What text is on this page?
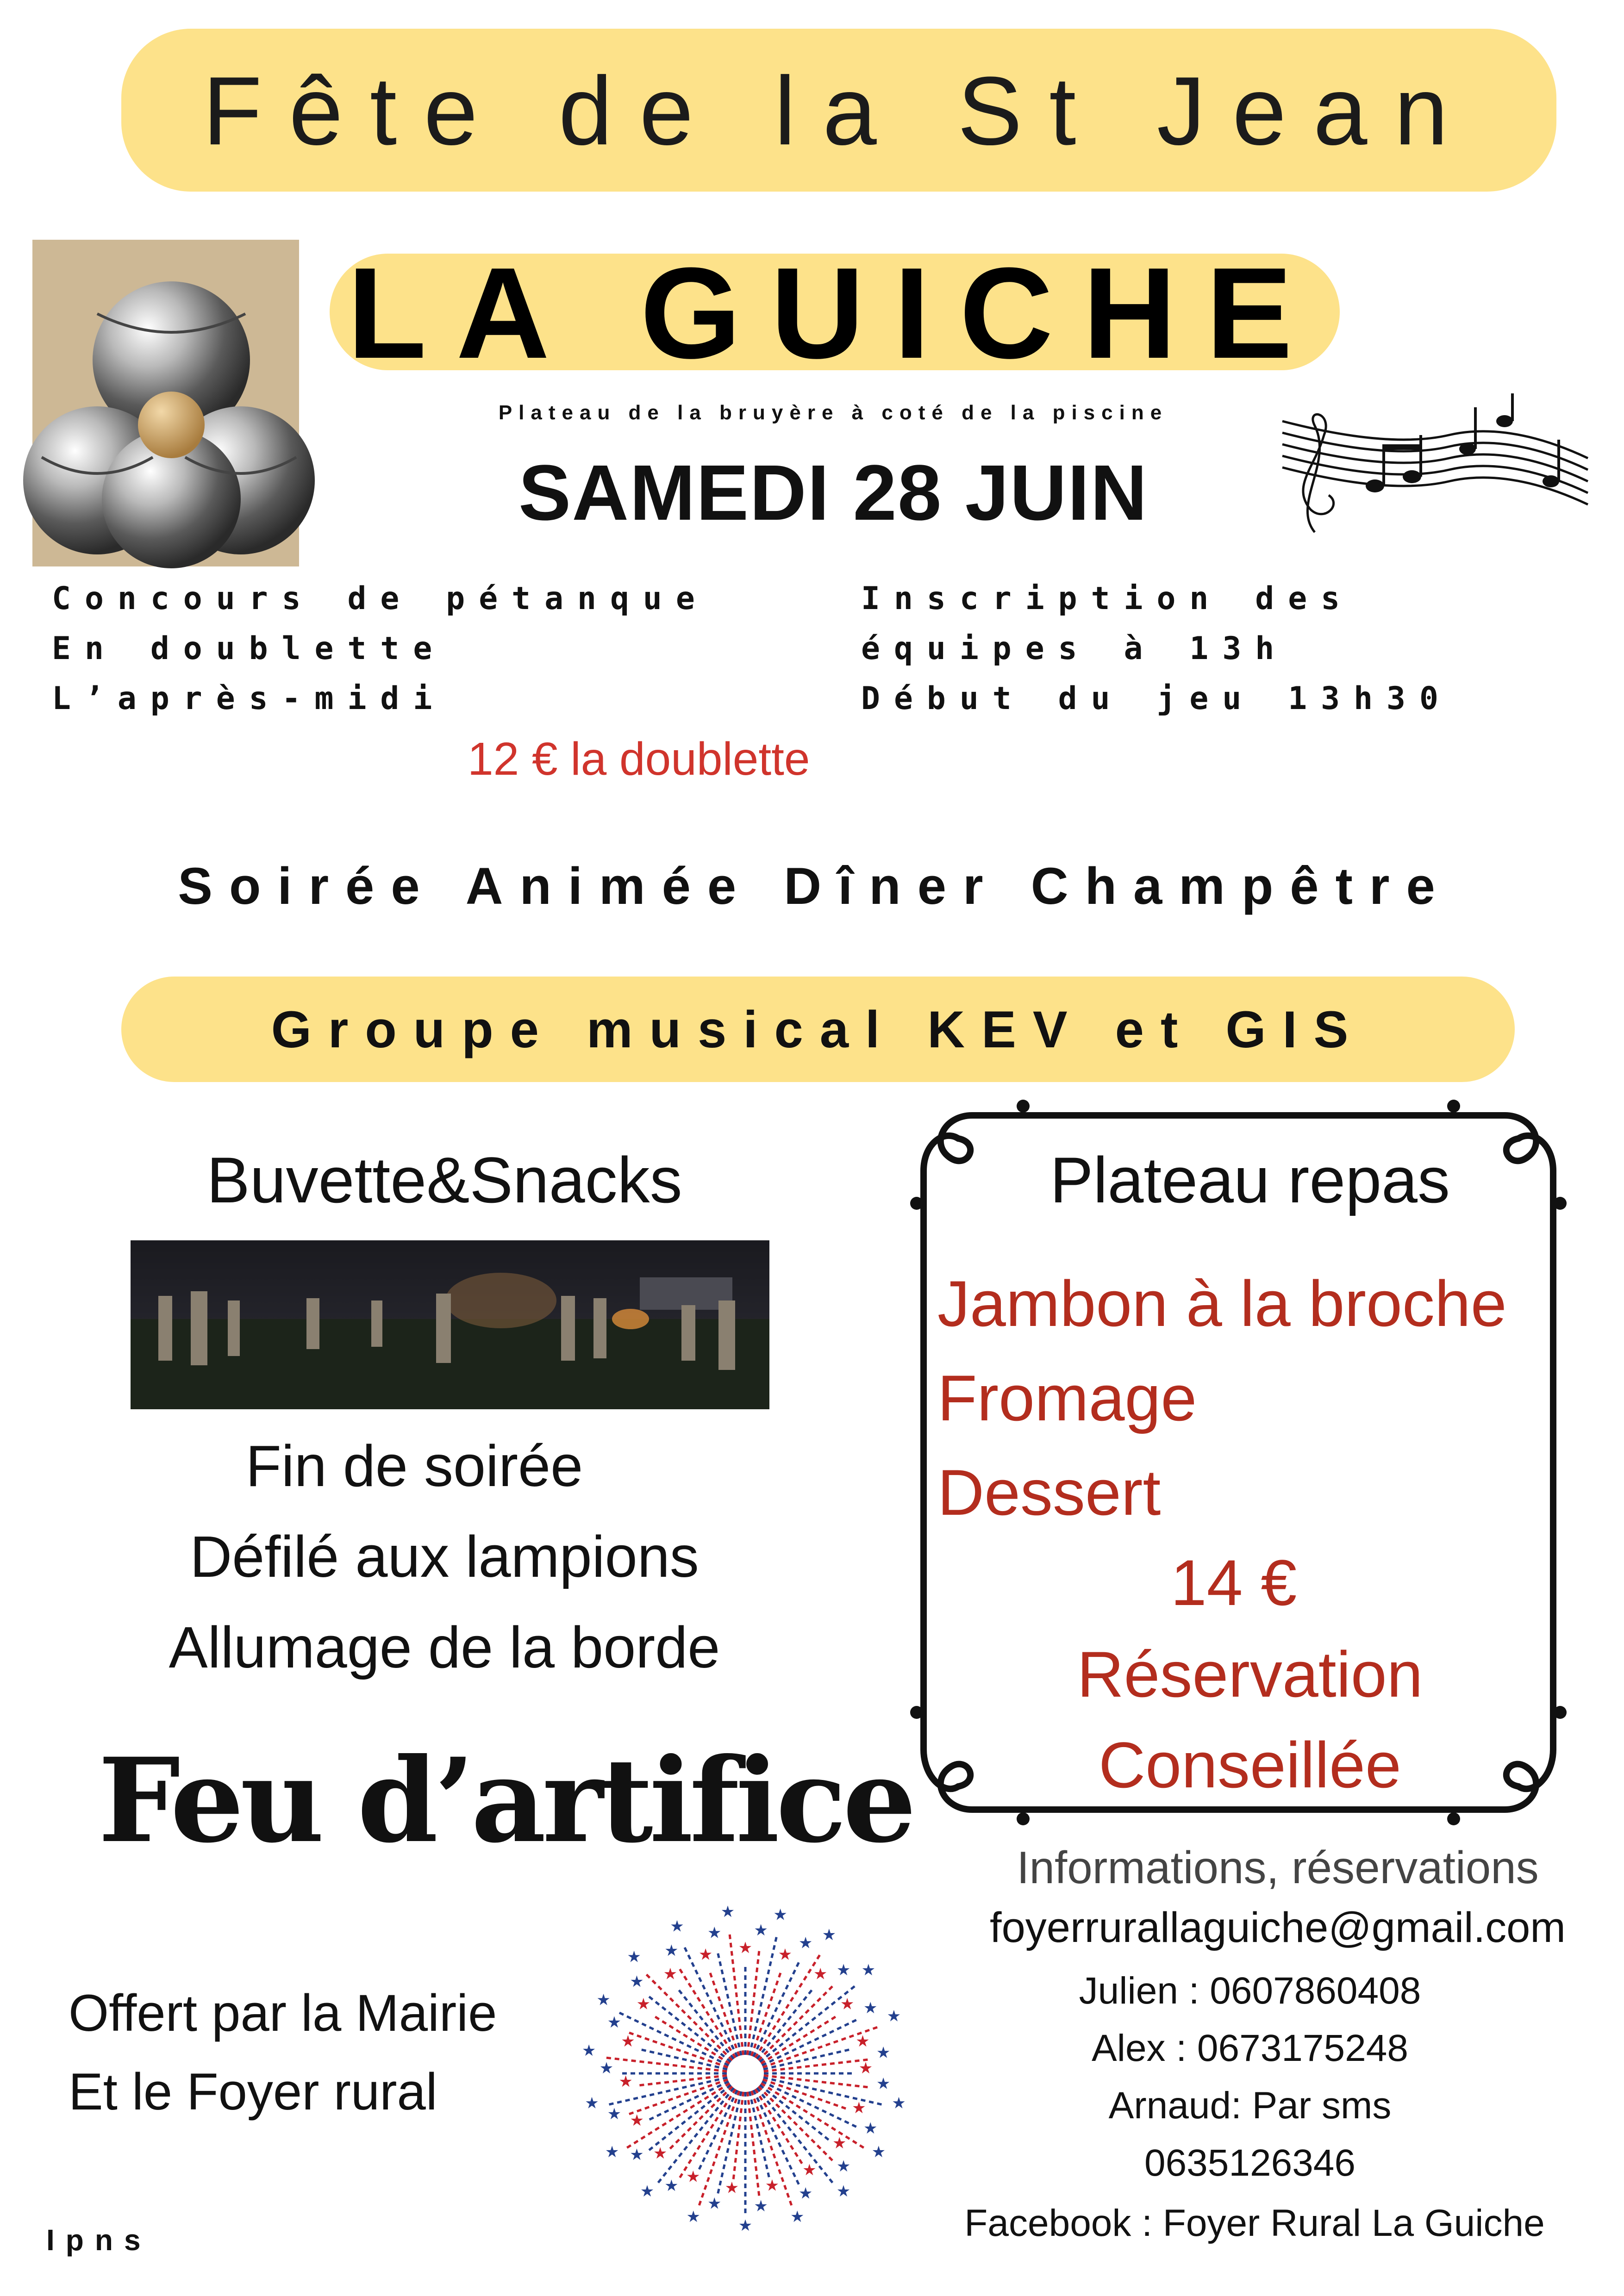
Fête de la St Jean
LA GUICHE
Plateau de la bruyère à coté de la piscine
SAMEDI 28 JUIN
Concours de pétanque
En doublette
L’après-midi
Inscription des
équipes à 13h
Début du jeu 13h30
12 € la doublette
Soirée Animée Dîner Champêtre
Groupe musical KEV et GIS
Buvette&Snacks
Fin de soirée
Défilé aux lampions
Allumage de la borde
Feu d’artifice
Offert par la Mairie
Et le Foyer rural	★
★
★
★
★
★
★
★
★
★
★
★
★
★
★
★
★
★
★
★
★
★
★
★
★
★
★
★
★
★ ★
★
★ ★
★
★
★
★
★
★
★
★
★
★
★
★
★ ★
★ ★ ★
★ ★ ★
★
★
Plateau repas
Jambon à la broche
Fromage
Dessert
14 €
Réservation
Conseillée
Informations, réservations
foyerrurallaguiche@gmail.com
Julien : 0607860408
Alex : 0673175248
Arnaud: Par sms
0635126346
Facebook : Foyer Rural La Guiche
Ipns
